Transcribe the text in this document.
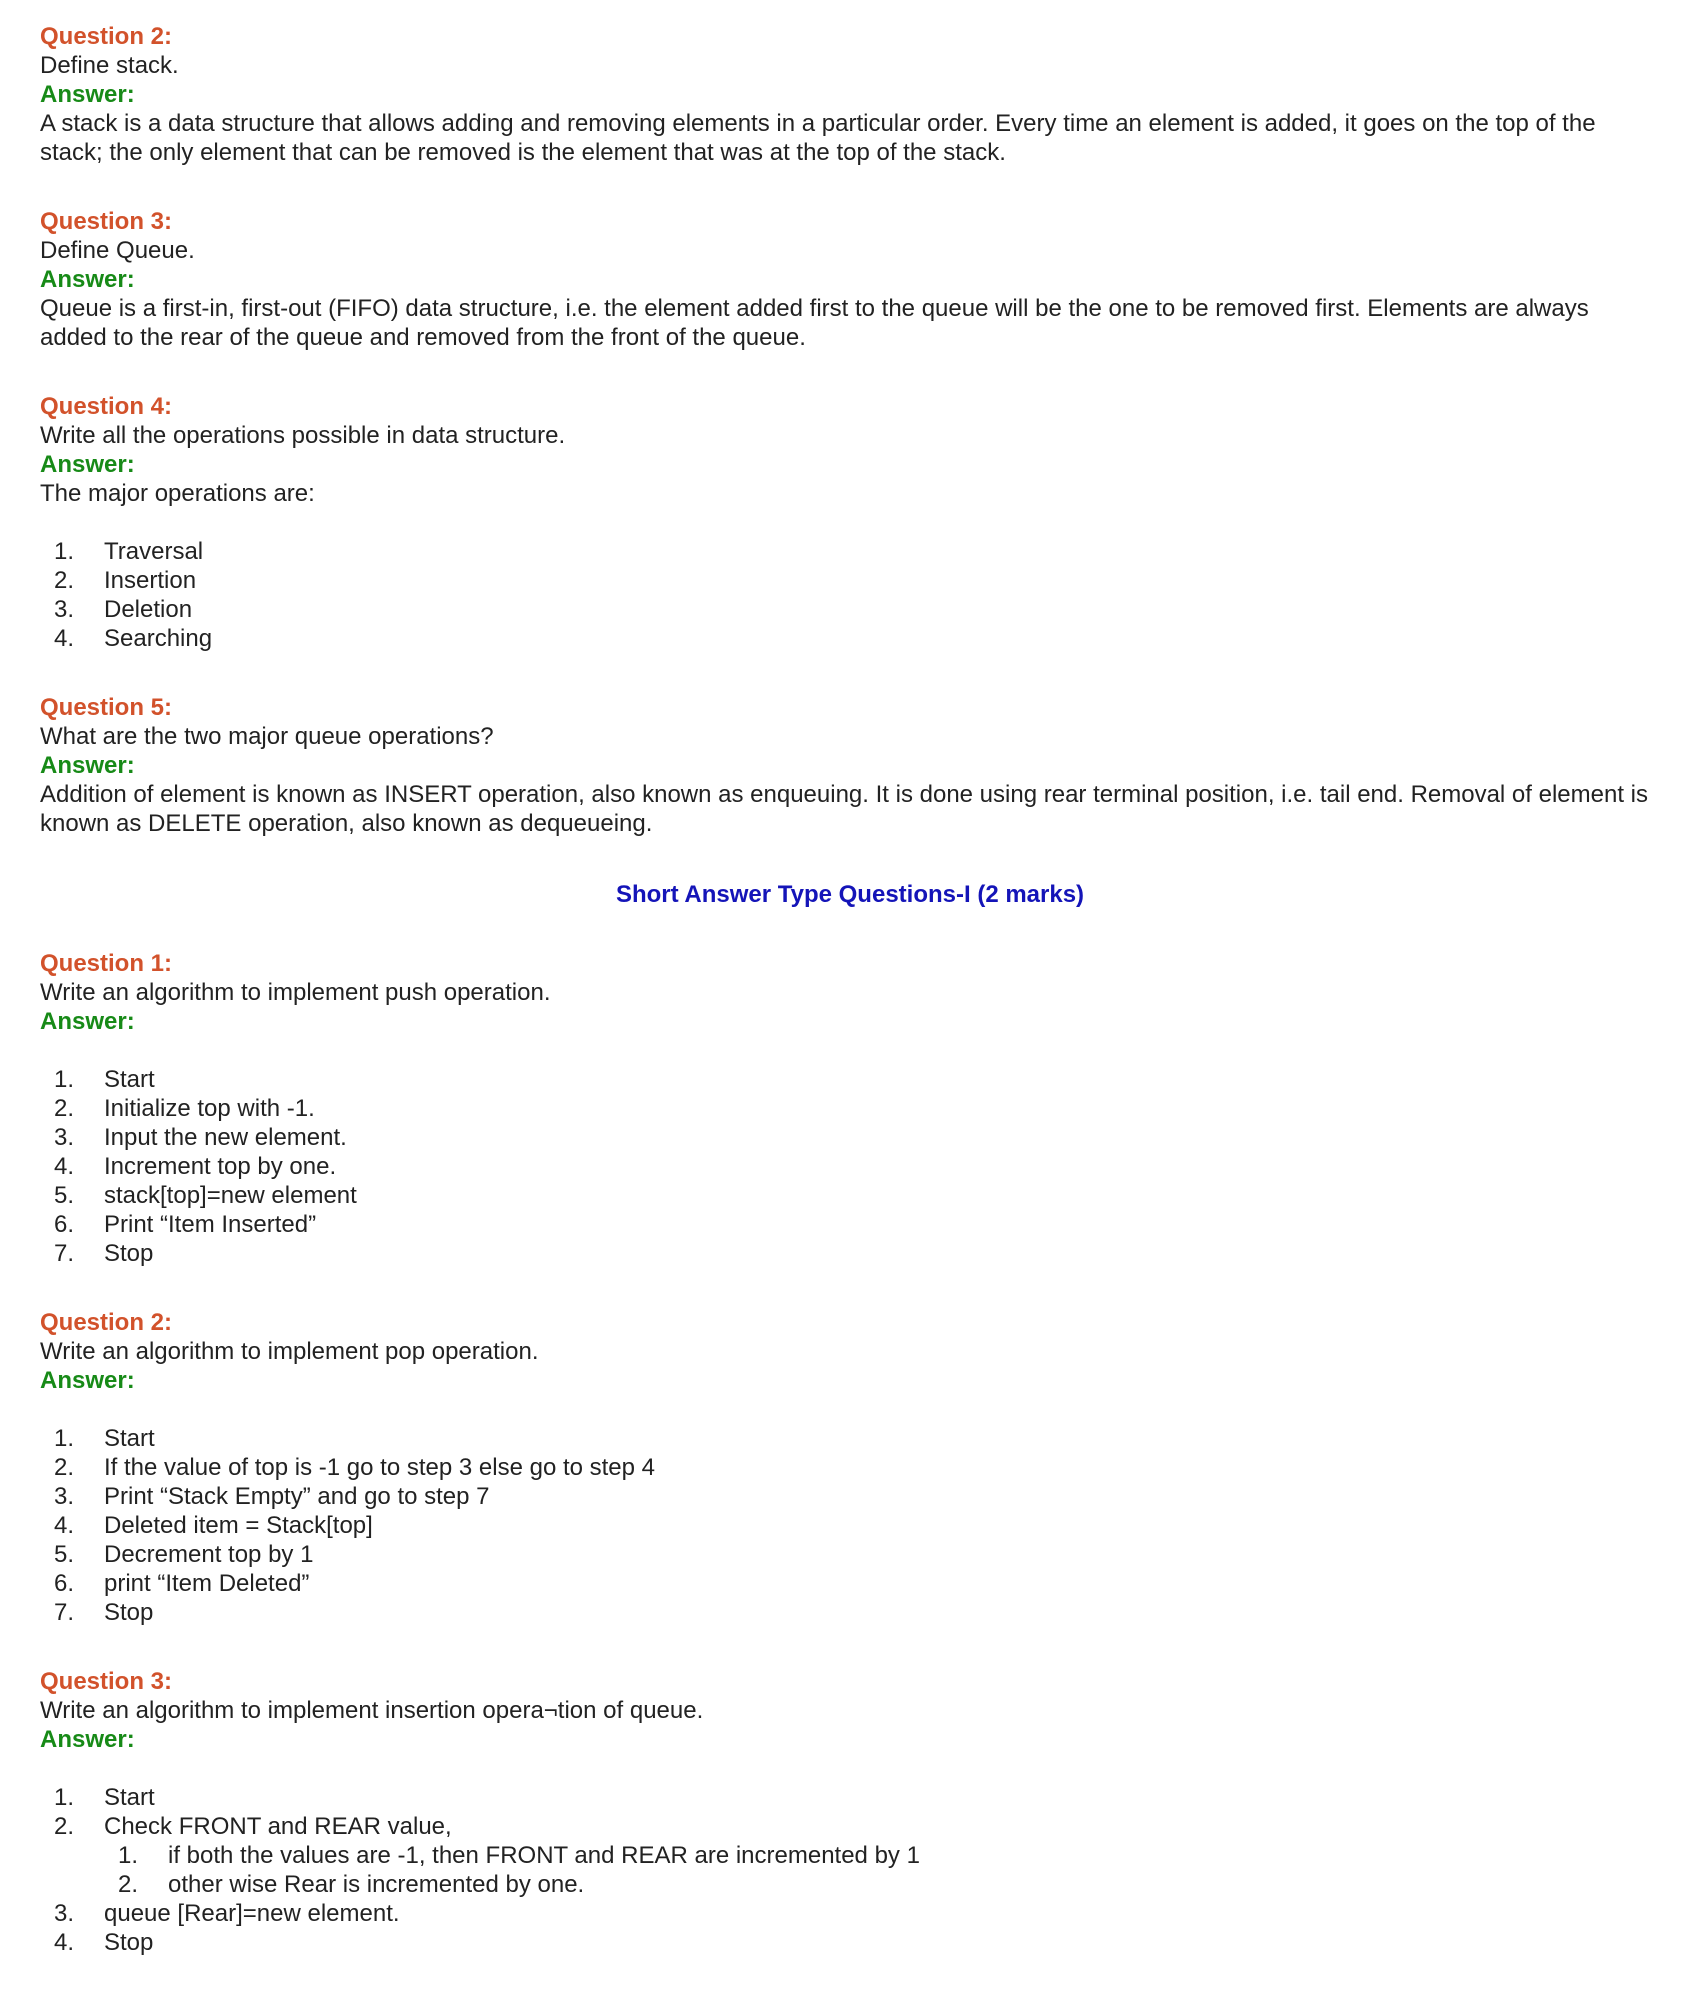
Question 2:
Define stack.
Answer:
A stack is a data structure that allows adding and removing elements in a particular order. Every time an element is added, it goes on the top of the stack; the only element that can be removed is the element that was at the top of the stack.
Question 3:
Define Queue.
Answer:
Queue is a first-in, first-out (FIFO) data structure, i.e. the element added first to the queue will be the one to be removed first. Elements are always added to the rear of the queue and removed from the front of the queue.
Question 4:
Write all the operations possible in data structure.
Answer:
The major operations are:
1. Traversal
2. Insertion
3. Deletion
4. Searching
Question 5:
What are the two major queue operations?
Answer:
Addition of element is known as INSERT operation, also known as enqueuing. It is done using rear terminal position, i.e. tail end. Removal of element is known as DELETE operation, also known as dequeueing.
Short Answer Type Questions-I (2 marks)
Question 1:
Write an algorithm to implement push operation.
Answer:
1. Start
2. Initialize top with -1.
3. Input the new element.
4. Increment top by one.
5. stack[top]=new element
6. Print “Item Inserted”
7. Stop
Question 2:
Write an algorithm to implement pop operation.
Answer:
1. Start
2. If the value of top is -1 go to step 3 else go to step 4
3. Print “Stack Empty” and go to step 7
4. Deleted item = Stack[top]
5. Decrement top by 1
6. print “Item Deleted”
7. Stop
Question 3:
Write an algorithm to implement insertion opera¬tion of queue.
Answer:
1. Start
2. Check FRONT and REAR value,
1. if both the values are -1, then FRONT and REAR are incremented by 1
2. other wise Rear is incremented by one.
3. queue [Rear]=new element.
4. Stop
